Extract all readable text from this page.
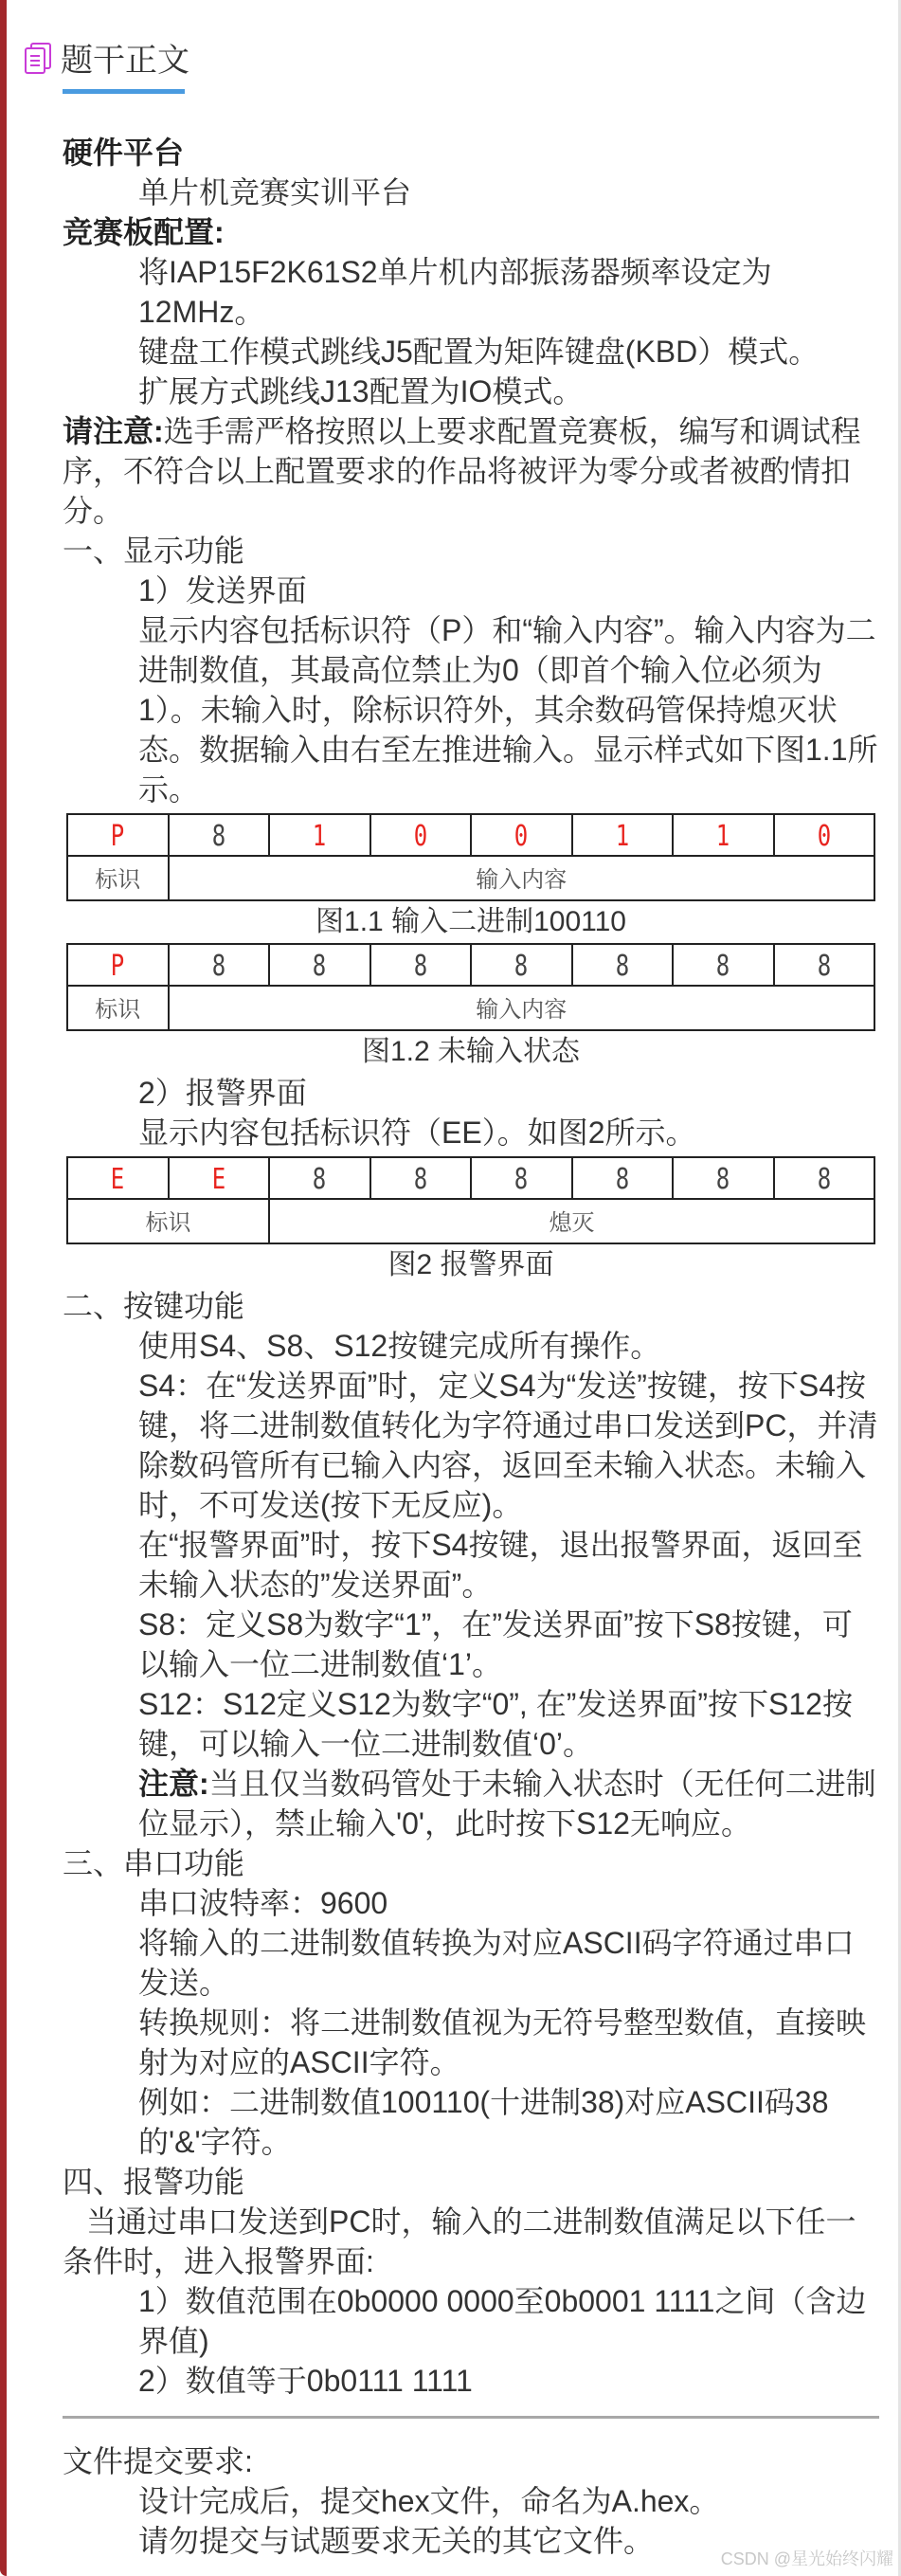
题干正文

硬件平台

单片机竞赛实训平台

竞赛板配置:

将IAP15F2K61S2单片机内部振荡器频率设定为12MHz。

键盘工作模式跳线J5配置为矩阵键盘(KBD）模式。

扩展方式跳线J13配置为IO模式。

请注意:选手需严格按照以上要求配置竞赛板，编写和调试程序，不符合以上配置要求的作品将被评为零分或者被酌情扣分。

一、显示功能

1）发送界面

显示内容包括标识符（P）和“输入内容”。输入内容为二进制数值，其最高位禁止为0（即首个输入位必须为1）。未输入时，除标识符外，其余数码管保持熄灭状态。数据输入由右至左推进输入。显示样式如下图1.1所示。

P	8	1	0	0	1	1	0
标识	输入内容						

图1.1 输入二进制100110

P	8	8	8	8	8	8	8
标识	输入内容						

图1.2 未输入状态

2）报警界面

显示内容包括标识符（EE）。如图2所示。

E	E	8	8	8	8	8	8
标识		熄灭					

图2 报警界面

二、按键功能

使用S4、S8、S12按键完成所有操作。

S4：在“发送界面”时，定义S4为“发送”按键，按下S4按键，将二进制数值转化为字符通过串口发送到PC，并清除数码管所有已输入内容，返回至未输入状态。未输入时，不可发送(按下无反应)。

在“报警界面”时，按下S4按键，退出报警界面，返回至未输入状态的”发送界面”。

S8：定义S8为数字“1”，在”发送界面”按下S8按键，可以输入一位二进制数值‘1’。

S12：S12定义S12为数字“0”, 在”发送界面”按下S12按键，可以输入一位二进制数值‘0’。

注意:当且仅当数码管处于未输入状态时（无任何二进制位显示），禁止输入'0'，此时按下S12无响应。

三、串口功能

串口波特率：9600

将输入的二进制数值转换为对应ASCII码字符通过串口发送。

转换规则：将二进制数值视为无符号整型数值，直接映射为对应的ASCII字符。

例如：二进制数值100110(十进制38)对应ASCII码38的'&'字符。

四、报警功能

当通过串口发送到PC时，输入的二进制数值满足以下任一条件时，进入报警界面:

1）数值范围在0b0000 0000至0b0001 1111之间（含边界值)

2）数值等于0b0111 1111

文件提交要求:

设计完成后，提交hex文件，命名为A.hex。

请勿提交与试题要求无关的其它文件。

CSDN @星光始终闪耀
